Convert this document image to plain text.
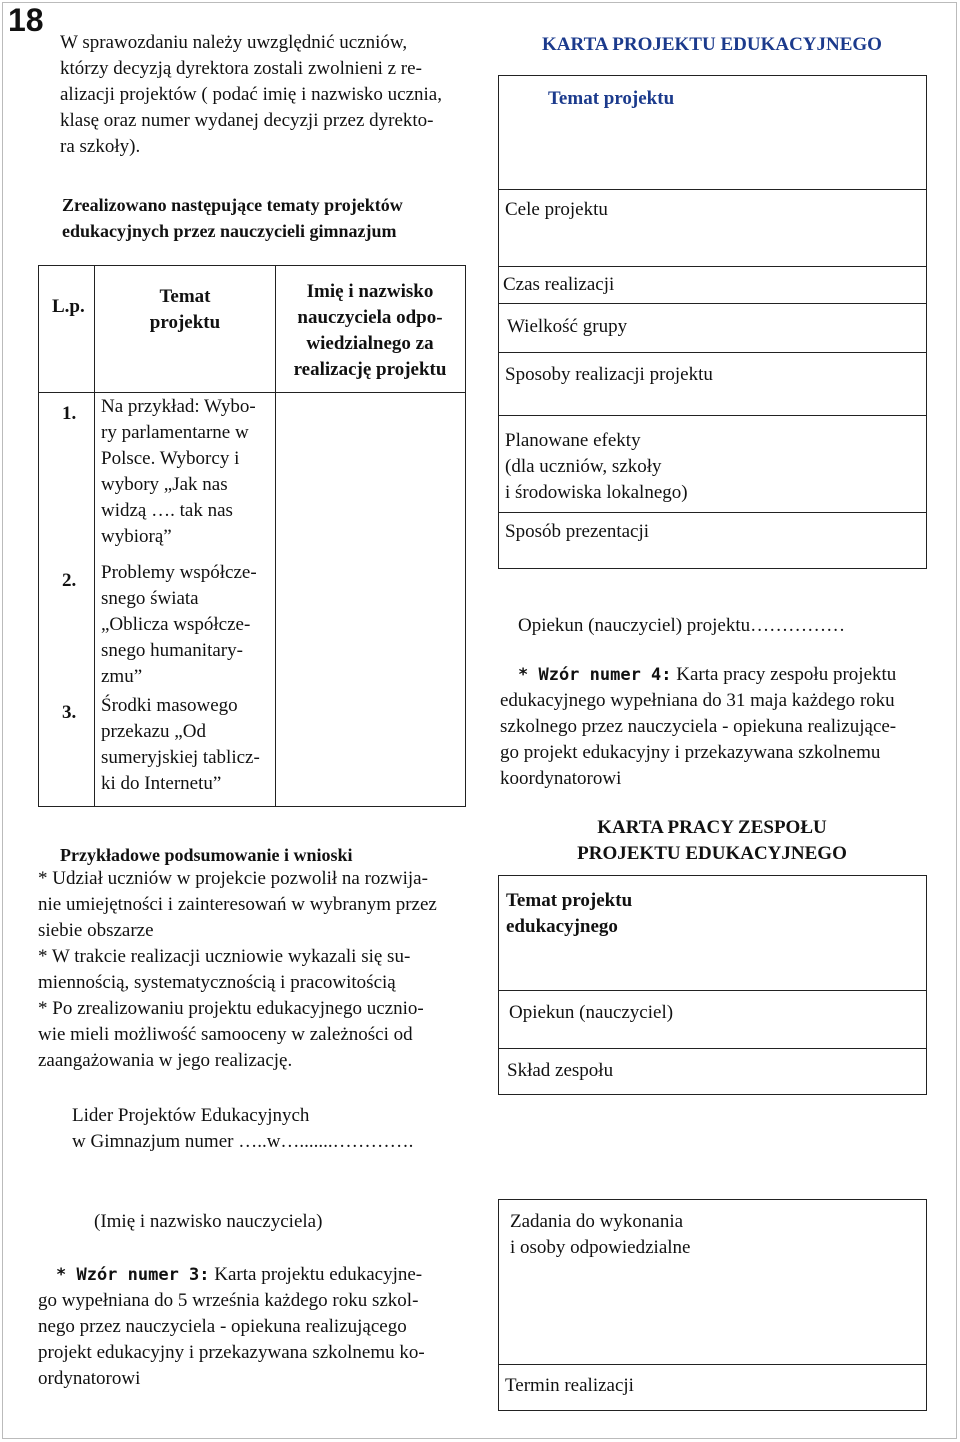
18
W sprawozdaniu należy uwzględnić uczniów,
którzy decyzją dyrektora zostali zwolnieni z re-
alizacji projektów ( podać imię i nazwisko ucznia,
klasę oraz numer wydanej decyzji przez dyrekto-
ra szkoły).
Zrealizowano następujące tematy projektów
edukacyjnych przez nauczycieli gimnazjum
L.p.	Temat
projektu
Imię i nazwisko
nauczyciela odpo-
wiedzialnego za
realizację projektu
1. Na przykład: Wybo-
ry parlamentarne w
Polsce. Wyborcy i
wybory „Jak nas
widzą …. tak nas
wybiorą”
2. Problemy współcze-
snego świata
„Oblicza współcze-
snego humanitary-
zmu”
3. Środki masowego
przekazu „Od
sumeryjskiej tablicz-
ki do Internetu”
Przykładowe podsumowanie i wnioski
* Udział uczniów w projekcie pozwolił na rozwija-
nie umiejętności i zainteresowań w wybranym przez
siebie obszarze
* W trakcie realizacji uczniowie wykazali się su-
miennością, systematycznością i pracowitością
* Po zrealizowaniu projektu edukacyjnego ucznio-
wie mieli możliwość samooceny w zależności od
zaangażowania w jego realizację.
Lider Projektów Edukacyjnych
w Gimnazjum numer …..w….......………….
(Imię i nazwisko nauczyciela)
* Wzór numer 3: Karta projektu edukacyjne-
go wypełniana do 5 września każdego roku szkol-
nego przez nauczyciela - opiekuna realizującego
projekt edukacyjny i przekazywana szkolnemu ko-
ordynatorowi
KARTA PROJEKTU EDUKACYJNEGO
Temat projektu
Cele projektu
Czas realizacji
Wielkość grupy
Sposoby realizacji projektu
Planowane efekty
(dla uczniów, szkoły
i środowiska lokalnego)
Sposób prezentacji
Opiekun (nauczyciel) projektu……………
* Wzór numer 4: Karta pracy zespołu projektu
edukacyjnego wypełniana do 31 maja każdego roku
szkolnego przez nauczyciela - opiekuna realizujące-
go projekt edukacyjny i przekazywana szkolnemu
koordynatorowi
KARTA PRACY ZESPOŁU
PROJEKTU EDUKACYJNEGO
Temat projektu
edukacyjnego
Opiekun (nauczyciel)
Skład zespołu
Zadania do wykonania
i osoby odpowiedzialne
Termin realizacji
